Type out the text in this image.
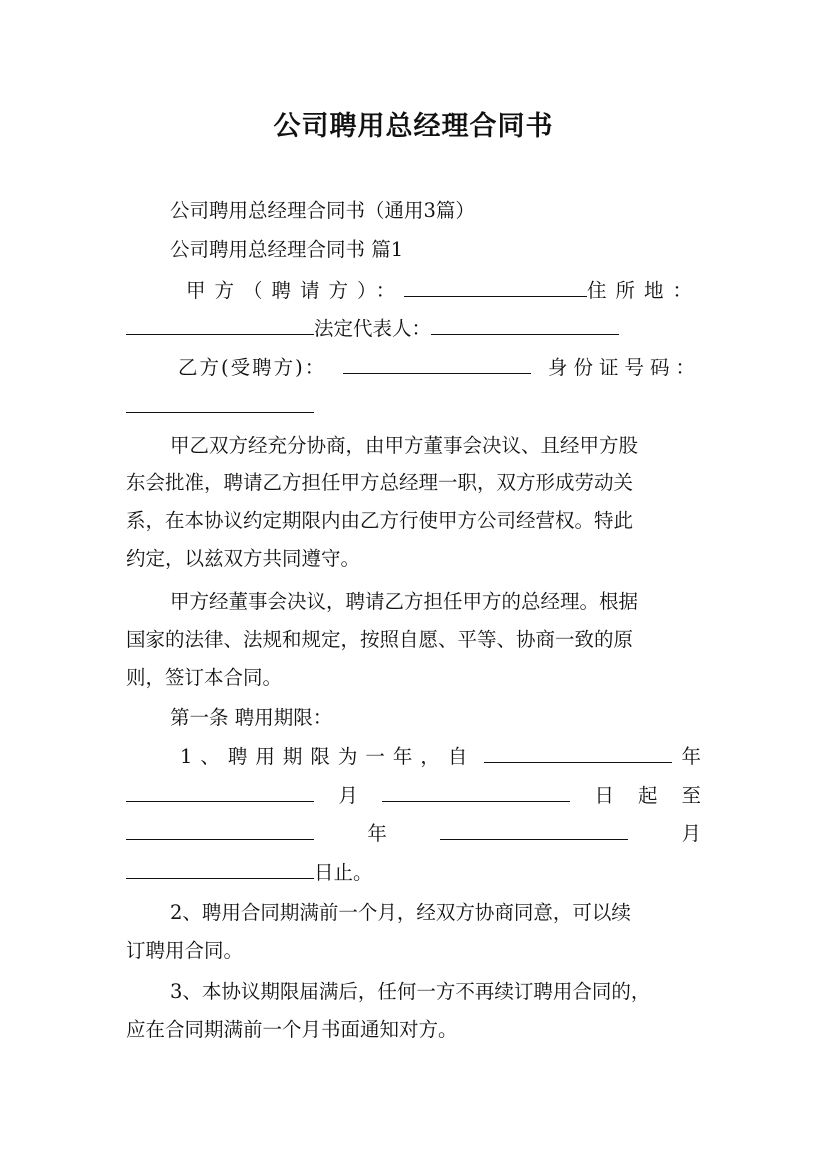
公司聘用总经理合同书
公司聘用总经理合同书（通用3篇）
公司聘用总经理合同书 篇1
甲方（聘请方）：	住所地：
法定代表人：
乙方(受聘方)：	身份证号码：
甲乙双方经充分协商，由甲方董事会决议、且经甲方股
东会批准，聘请乙方担任甲方总经理一职，双方形成劳动关
系，在本协议约定期限内由乙方行使甲方公司经营权。特此
约定，以兹双方共同遵守。
甲方经董事会决议，聘请乙方担任甲方的总经理。根据
国家的法律、法规和规定，按照自愿、平等、协商一致的原
则，签订本合同。
第一条 聘用期限：
1、聘用期限为一年，自	年
月	日起至
年	月
日止。
2、聘用合同期满前一个月，经双方协商同意，可以续
订聘用合同。
3、本协议期限届满后，任何一方不再续订聘用合同的，
应在合同期满前一个月书面通知对方。
